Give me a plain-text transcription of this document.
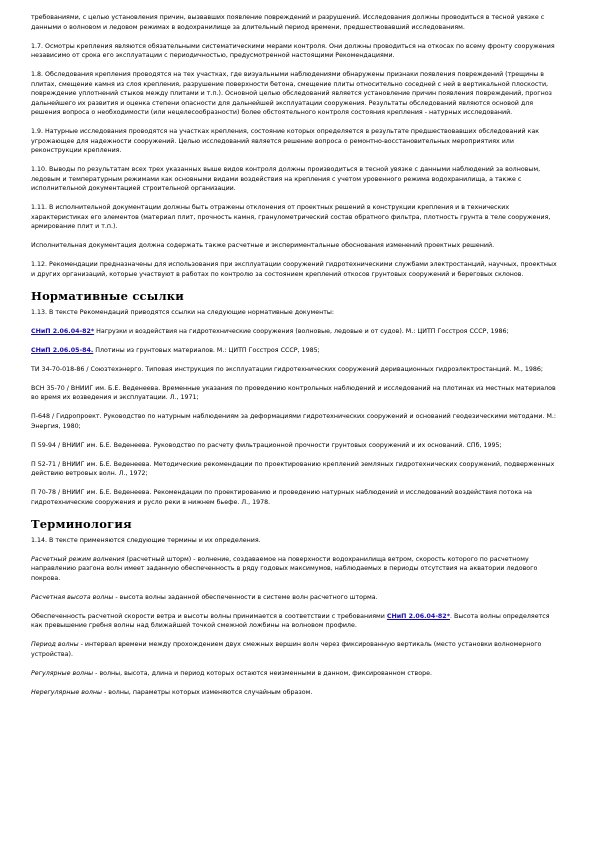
требованиями, с целью установления причин, вызвавших появление повреждений и разрушений. Исследования должны проводиться в тесной увязке с данными о волновом и ледовом режимах в водохранилище за длительный период времени, предшествовавший исследованиям.

1.7. Осмотры крепления являются обязательными систематическими мерами контроля. Они должны проводиться на откосах по всему фронту сооружения независимо от срока его эксплуатации с периодичностью, предусмотренной настоящими Рекомендациями.

1.8. Обследования крепления проводятся на тех участках, где визуальными наблюдениями обнаружены признаки появления повреждений (трещины в плитах, смещение камня из слоя крепления, разрушение поверхности бетона, смещение плиты относительно соседней с ней в вертикальной плоскости, повреждение уплотнений стыков между плитами и т.п.). Основной целью обследований является установление причин появления повреждений, прогноз дальнейшего их развития и оценка степени опасности для дальнейшей эксплуатации сооружения. Результаты обследований являются основой для решения вопроса о необходимости (или нецелесообразности) более обстоятельного контроля состояния крепления - натурных исследований.

1.9. Натурные исследования проводятся на участках крепления, состояние которых определяется в результате предшествовавших обследований как угрожающее для надежности сооружений. Целью исследований является решение вопроса о ремонтно-восстановительных мероприятиях или реконструкции крепления.

1.10. Выводы по результатам всех трех указанных выше видов контроля должны производиться в тесной увязке с данными наблюдений за волновым, ледовым и температурным режимами как основными видами воздействия на крепления с учетом уровенного режима водохранилища, а также с исполнительной документацией строительной организации.

1.11. В исполнительной документации должны быть отражены отклонения от проектных решений в конструкции крепления и в технических характеристиках его элементов (материал плит, прочность камня, гранулометрический состав обратного фильтра, плотность грунта в теле сооружения, армирование плит и т.п.).

Исполнительная документация должна содержать также расчетные и экспериментальные обоснования изменений проектных решений.

1.12. Рекомендации предназначены для использования при эксплуатации сооружений гидротехническими службами электростанций, научных, проектных и других организаций, которые участвуют в работах по контролю за состоянием креплений откосов грунтовых сооружений и береговых склонов.

Нормативные ссылки

1.13. В тексте Рекомендаций приводятся ссылки на следующие нормативные документы:

СНиП 2.06.04-82* Нагрузки и воздействия на гидротехнические сооружения (волновые, ледовые и от судов). М.: ЦИТП Госстроя СССР, 1986;

СНиП 2.06.05-84. Плотины из грунтовых материалов. М.: ЦИТП Госстроя СССР, 1985;

ТИ 34-70-018-86 / Союзтехэнерго. Типовая инструкция по эксплуатации гидротехнических сооружений деривационных гидроэлектростанций. М., 1986;

ВСН 35-70 / ВНИИГ им. Б.Е. Веденеева. Временные указания по проведению контрольных наблюдений и исследований на плотинах из местных материалов во время их возведения и эксплуатации. Л., 1971;

П-648 / Гидропроект. Руководство по натурным наблюдениям за деформациями гидротехнических сооружений и оснований геодезическими методами. М.: Энергия, 1980;

П 59-94 / ВНИИГ им. Б.Е. Веденеева. Руководство по расчету фильтрационной прочности грунтовых сооружений и их оснований. СПб, 1995;

П 52-71 / ВНИИГ им. Б.Е. Веденеева. Методические рекомендации по проектированию креплений земляных гидротехнических сооружений, подверженных действию ветровых волн. Л., 1972;

П 70-78 / ВНИИГ им. Б.Е. Веденеева. Рекомендации по проектированию и проведению натурных наблюдений и исследований воздействия потока на гидротехнические сооружения и русло реки в нижнем бьефе. Л., 1978.

Терминология

1.14. В тексте применяются следующие термины и их определения.

Расчетный режим волнения (расчетный шторм) - волнение, создаваемое на поверхности водохранилища ветром, скорость которого по расчетному направлению разгона волн имеет заданную обеспеченность в ряду годовых максимумов, наблюдаемых в периоды отсутствия на акватории ледового покрова.

Расчетная высота волны - высота волны заданной обеспеченности в системе волн расчетного шторма.

Обеспеченность расчетной скорости ветра и высоты волны принимается в соответствии с требованиями СНиП 2.06.04-82*. Высота волны определяется как превышение гребня волны над ближайшей точкой смежной ложбины на волновом профиле.

Период волны - интервал времени между прохождением двух смежных вершин волн через фиксированную вертикаль (место установки волномерного устройства).

Регулярные волны - волны, высота, длина и период которых остаются неизменными в данном, фиксированном створе.

Нерегулярные волны - волны, параметры которых изменяются случайным образом.
